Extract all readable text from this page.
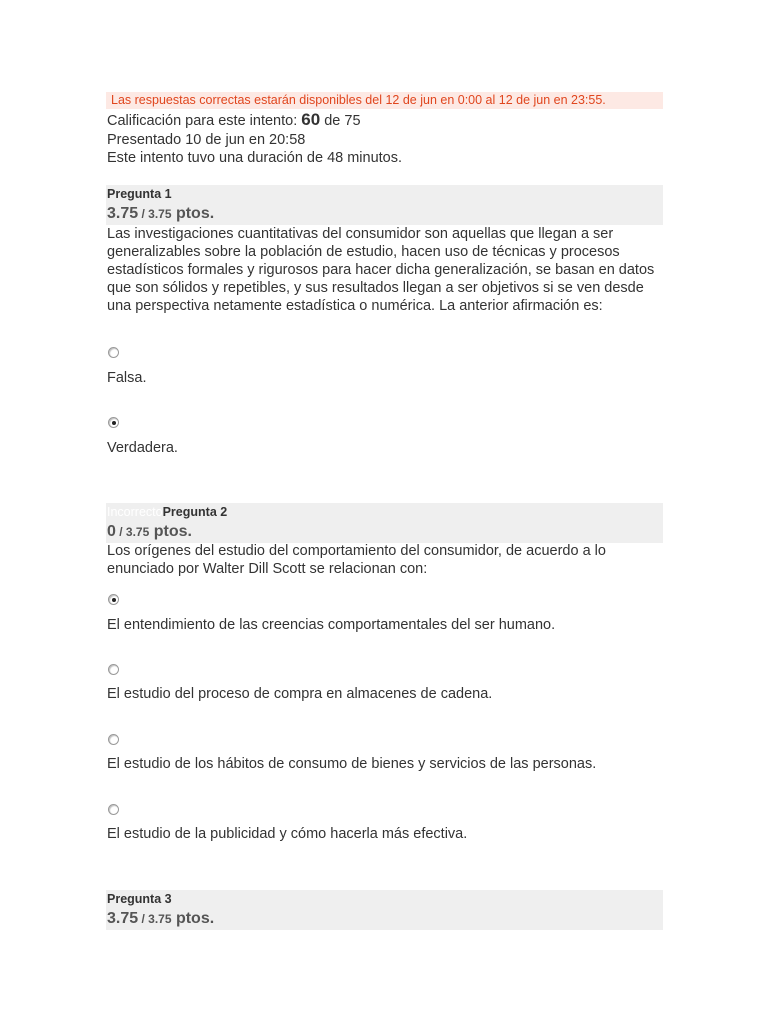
Las respuestas correctas estarán disponibles del 12 de jun en 0:00 al 12 de jun en 23:55.
Calificación para este intento: 60 de 75
Presentado 10 de jun en 20:58
Este intento tuvo una duración de 48 minutos.
Pregunta 1
3.75 / 3.75 ptos.
Las investigaciones cuantitativas del consumidor son aquellas que llegan a ser generalizables sobre la población de estudio, hacen uso de técnicas y procesos estadísticos formales y rigurosos para hacer dicha generalización, se basan en datos que son sólidos y repetibles, y sus resultados llegan a ser objetivos si se ven desde una perspectiva netamente estadística o numérica. La anterior afirmación es:
Falsa.
Verdadera.
IncorrectoPregunta 2
0 / 3.75 ptos.
Los orígenes del estudio del comportamiento del consumidor, de acuerdo a lo enunciado por Walter Dill Scott se relacionan con:
El entendimiento de las creencias comportamentales del ser humano.
El estudio del proceso de compra en almacenes de cadena.
El estudio de los hábitos de consumo de bienes y servicios de las personas.
El estudio de la publicidad y cómo hacerla más efectiva.
Pregunta 3
3.75 / 3.75 ptos.
